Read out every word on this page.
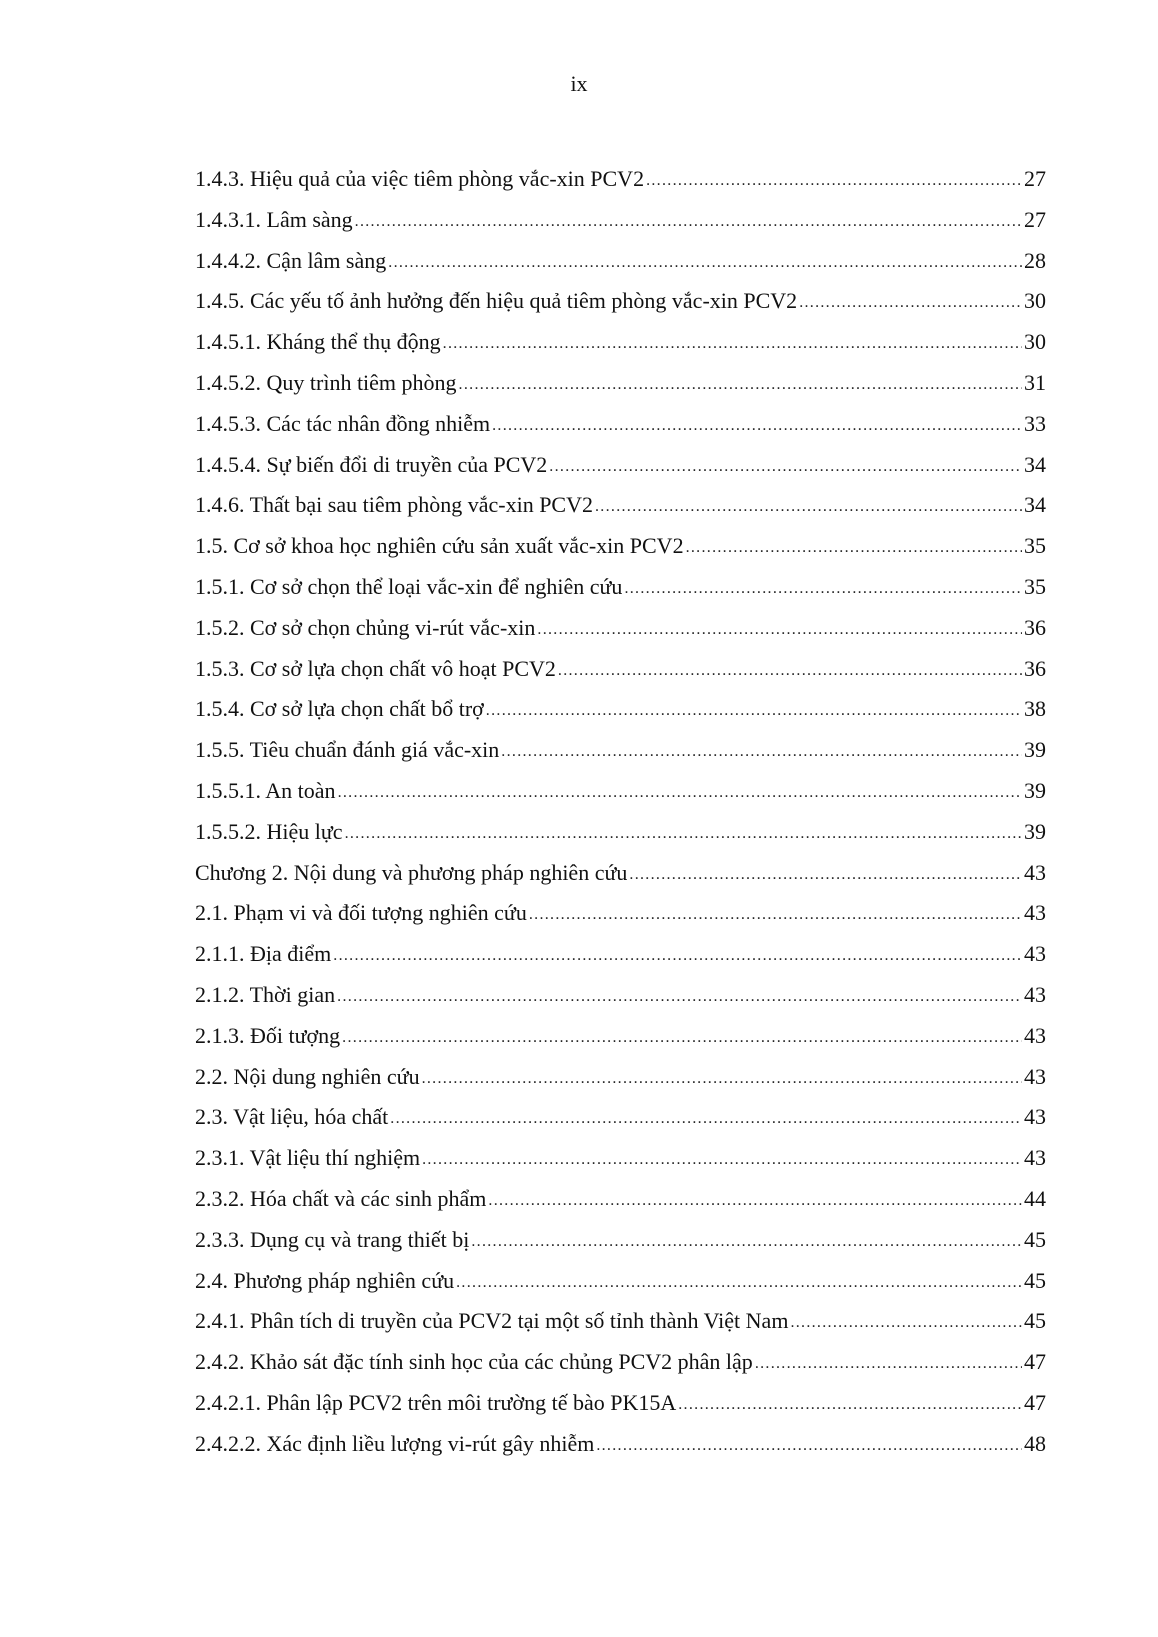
ix
1.4.3. Hiệu quả của việc tiêm phòng vắc-xin PCV2 .....	27
1.4.3.1. Lâm sàng .....	27
1.4.4.2. Cận lâm sàng .....	28
1.4.5. Các yếu tố ảnh hưởng đến hiệu quả tiêm phòng vắc-xin PCV2 .....	30
1.4.5.1. Kháng thể thụ động .....	30
1.4.5.2. Quy trình tiêm phòng .....	31
1.4.5.3. Các tác nhân đồng nhiễm .....	33
1.4.5.4. Sự biến đổi di truyền của PCV2 .....	34
1.4.6. Thất bại sau tiêm phòng vắc-xin PCV2 .....	34
1.5. Cơ sở khoa học nghiên cứu sản xuất vắc-xin PCV2 .....	35
1.5.1. Cơ sở chọn thể loại vắc-xin để nghiên cứu .....	35
1.5.2. Cơ sở chọn chủng vi-rút vắc-xin .....	36
1.5.3. Cơ sở lựa chọn chất vô hoạt PCV2 .....	36
1.5.4. Cơ sở lựa chọn chất bổ trợ .....	38
1.5.5. Tiêu chuẩn đánh giá vắc-xin .....	39
1.5.5.1. An toàn .....	39
1.5.5.2. Hiệu lực .....	39
Chương 2. Nội dung và phương pháp nghiên cứu .....	43
2.1. Phạm vi và đối tượng nghiên cứu .....	43
2.1.1. Địa điểm .....	43
2.1.2. Thời gian .....	43
2.1.3. Đối tượng .....	43
2.2. Nội dung nghiên cứu .....	43
2.3. Vật liệu, hóa chất .....	43
2.3.1. Vật liệu thí nghiệm .....	43
2.3.2. Hóa chất và các sinh phẩm .....	44
2.3.3. Dụng cụ và trang thiết bị .....	45
2.4. Phương pháp nghiên cứu .....	45
2.4.1. Phân tích di truyền của PCV2 tại một số tỉnh thành Việt Nam .....	45
2.4.2. Khảo sát đặc tính sinh học của các chủng PCV2 phân lập .....	47
2.4.2.1. Phân lập PCV2 trên môi trường tế bào PK15A .....	47
2.4.2.2. Xác định liều lượng vi-rút gây nhiễm .....	48
